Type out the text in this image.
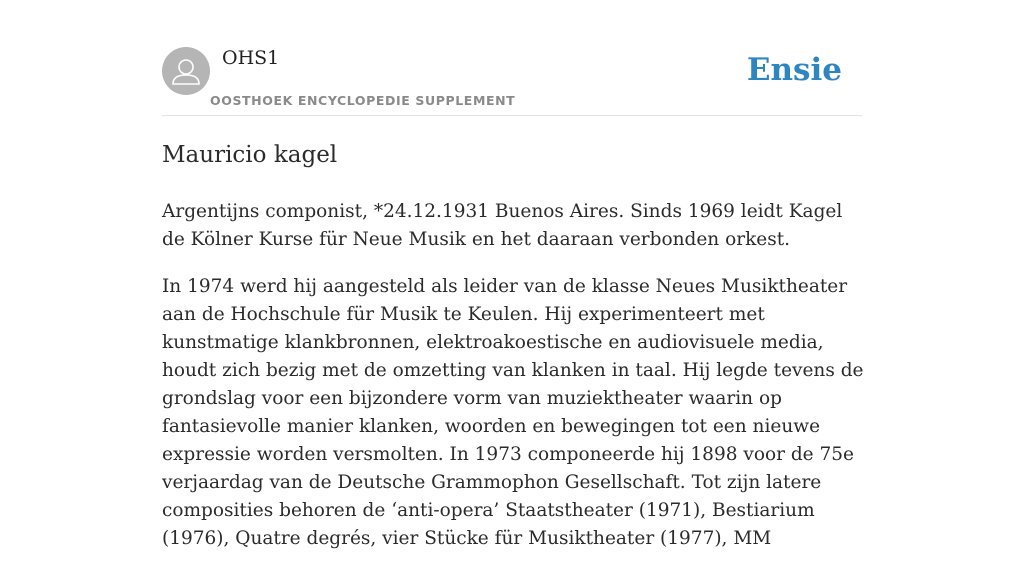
OHS1
OOSTHOEK ENCYCLOPEDIE SUPPLEMENT
Ensie
Mauricio kagel

Argentijns componist, *24.12.1931 Buenos Aires. Sinds 1969 leidt Kagel de Kölner Kurse für Neue Musik en het daaraan verbonden orkest.

In 1974 werd hij aangesteld als leider van de klasse Neues Musiktheater aan de Hochschule für Musik te Keulen. Hij experimenteert met kunstmatige klankbronnen, elektroakoestische en audiovisuele media, houdt zich bezig met de omzetting van klanken in taal. Hij legde tevens de grondslag voor een bijzondere vorm van muziektheater waarin op fantasievolle manier klanken, woorden en bewegingen tot een nieuwe expressie worden versmolten. In 1973 componeerde hij 1898 voor de 75e verjaardag van de Deutsche Grammophon Gesellschaft. Tot zijn latere composities behoren de ‘anti-opera’ Staatstheater (1971), Bestiarium (1976), Quatre degrés, vier Stücke für Musiktheater (1977), MM
